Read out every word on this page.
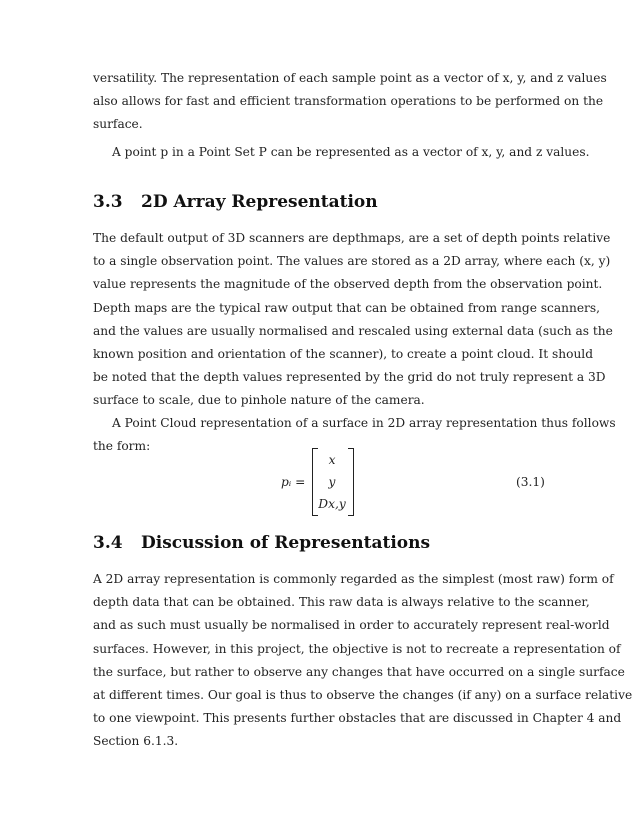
versatility. The representation of each sample point as a vector of x, y, and z values
also allows for fast and efficient transformation operations to be performed on the
surface.
A point p in a Point Set P can be represented as a vector of x, y, and z values.
3.3 2D Array Representation
The default output of 3D scanners are depthmaps, are a set of depth points relative
to a single observation point. The values are stored as a 2D array, where each (x, y)
value represents the magnitude of the observed depth from the observation point.
Depth maps are the typical raw output that can be obtained from range scanners,
and the values are usually normalised and rescaled using external data (such as the
known position and orientation of the scanner), to create a point cloud. It should
be noted that the depth values represented by the grid do not truly represent a 3D
surface to scale, due to pinhole nature of the camera.
A Point Cloud representation of a surface in 2D array representation thus follows
the form:
pᵢ =
x
y
Dx,y
(3.1)
3.4 Discussion of Representations
A 2D array representation is commonly regarded as the simplest (most raw) form of
depth data that can be obtained. This raw data is always relative to the scanner,
and as such must usually be normalised in order to accurately represent real-world
surfaces. However, in this project, the objective is not to recreate a representation of
the surface, but rather to observe any changes that have occurred on a single surface
at different times. Our goal is thus to observe the changes (if any) on a surface relative
to one viewpoint. This presents further obstacles that are discussed in Chapter 4 and
Section 6.1.3.
